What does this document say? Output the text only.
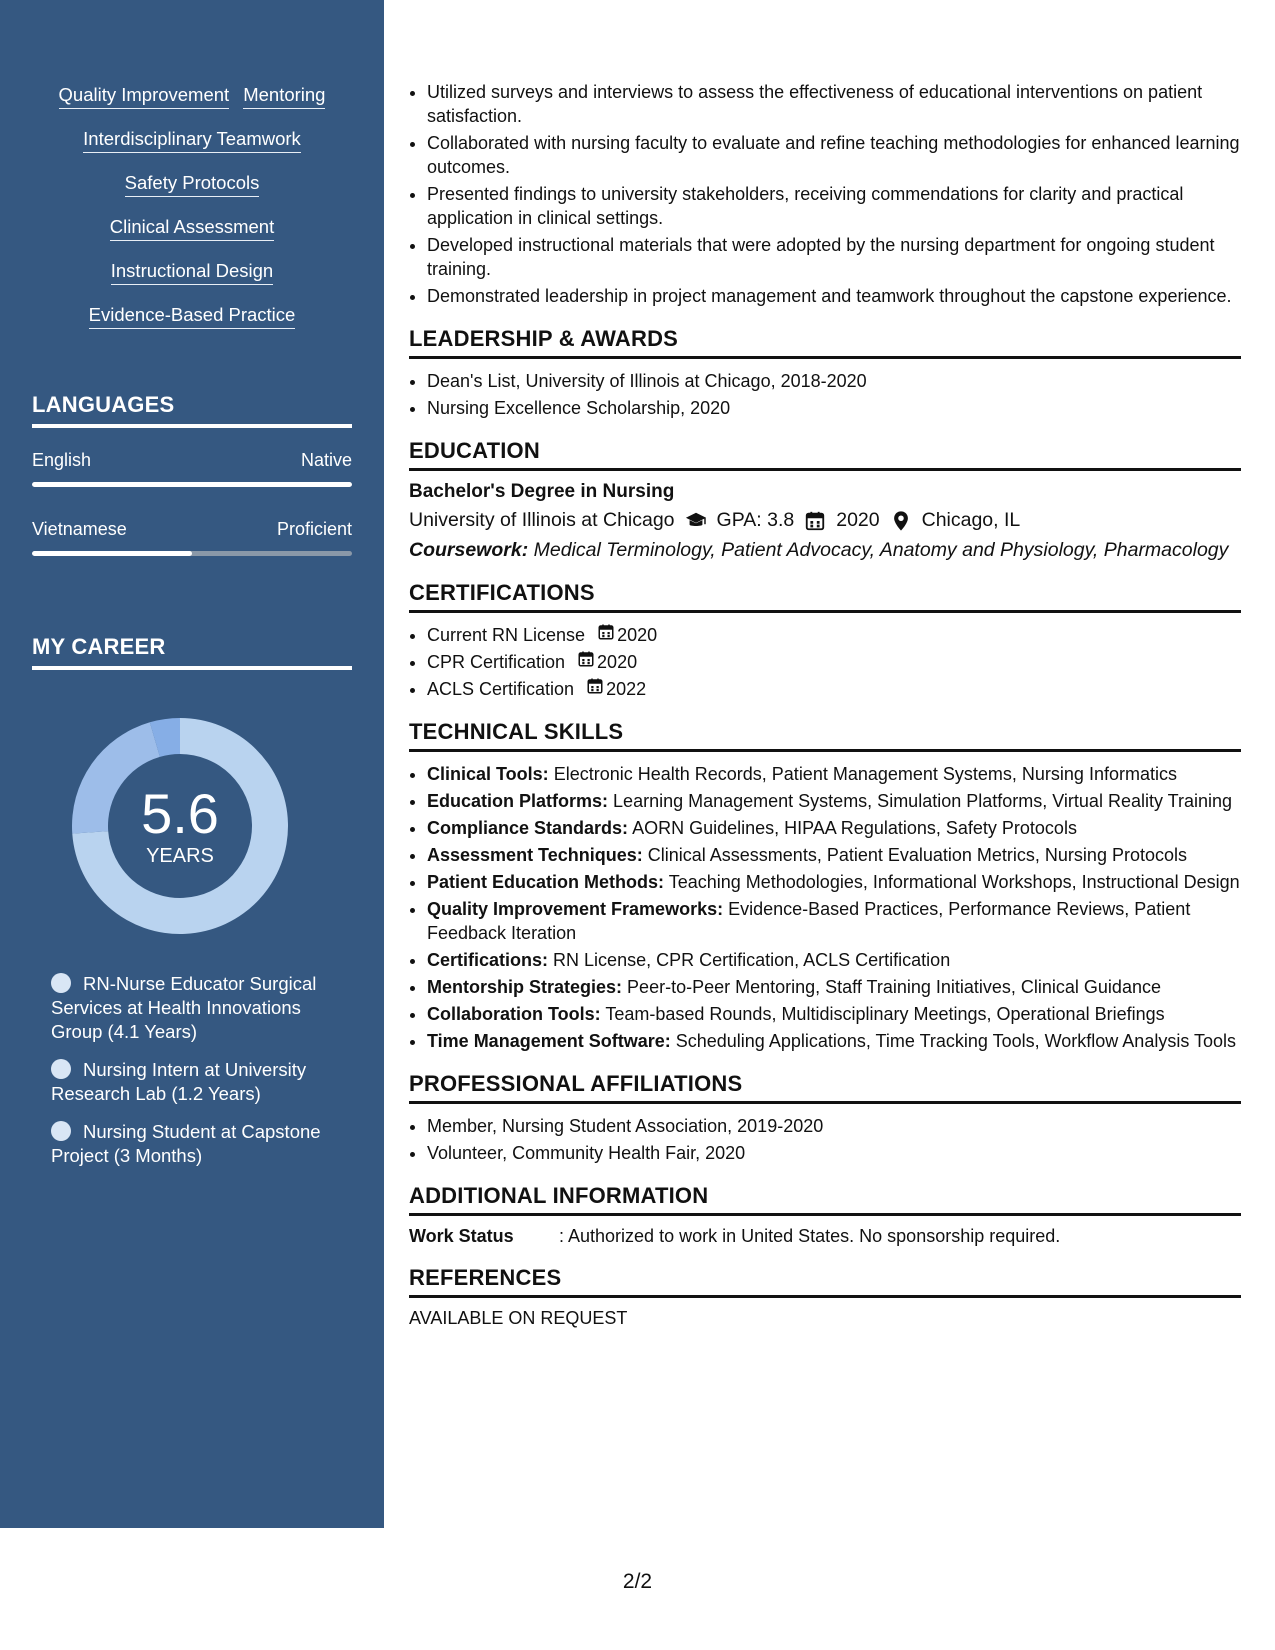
Quality Improvement Mentoring
Interdisciplinary Teamwork
Safety Protocols
Clinical Assessment
Instructional Design
Evidence-Based Practice
LANGUAGES
English	Native
Vietnamese	Proficient
MY CAREER
5.6
YEARS
RN-Nurse Educator Surgical Services at Health Innovations Group (4.1 Years)
Nursing Intern at University Research Lab (1.2 Years)
Nursing Student at Capstone Project (3 Months)
• Utilized surveys and interviews to assess the effectiveness of educational interventions on patient satisfaction.
• Collaborated with nursing faculty to evaluate and refine teaching methodologies for enhanced learning outcomes.
• Presented findings to university stakeholders, receiving commendations for clarity and practical application in clinical settings.
• Developed instructional materials that were adopted by the nursing department for ongoing student training.
• Demonstrated leadership in project management and teamwork throughout the capstone experience.
LEADERSHIP & AWARDS
• Dean's List, University of Illinois at Chicago, 2018-2020
• Nursing Excellence Scholarship, 2020
EDUCATION
Bachelor's Degree in Nursing
University of Illinois at Chicago GPA: 3.8 2020 Chicago, IL
Coursework: Medical Terminology, Patient Advocacy, Anatomy and Physiology, Pharmacology
CERTIFICATIONS
• Current RN License 2020
• CPR Certification 2020
• ACLS Certification 2022
TECHNICAL SKILLS
• Clinical Tools: Electronic Health Records, Patient Management Systems, Nursing Informatics
• Education Platforms: Learning Management Systems, Simulation Platforms, Virtual Reality Training
• Compliance Standards: AORN Guidelines, HIPAA Regulations, Safety Protocols
• Assessment Techniques: Clinical Assessments, Patient Evaluation Metrics, Nursing Protocols
• Patient Education Methods: Teaching Methodologies, Informational Workshops, Instructional Design
• Quality Improvement Frameworks: Evidence-Based Practices, Performance Reviews, Patient Feedback Iteration
• Certifications: RN License, CPR Certification, ACLS Certification
• Mentorship Strategies: Peer-to-Peer Mentoring, Staff Training Initiatives, Clinical Guidance
• Collaboration Tools: Team-based Rounds, Multidisciplinary Meetings, Operational Briefings
• Time Management Software: Scheduling Applications, Time Tracking Tools, Workflow Analysis Tools
PROFESSIONAL AFFILIATIONS
• Member, Nursing Student Association, 2019-2020
• Volunteer, Community Health Fair, 2020
ADDITIONAL INFORMATION
Work Status	: Authorized to work in United States. No sponsorship required.
REFERENCES
AVAILABLE ON REQUEST
2/2
